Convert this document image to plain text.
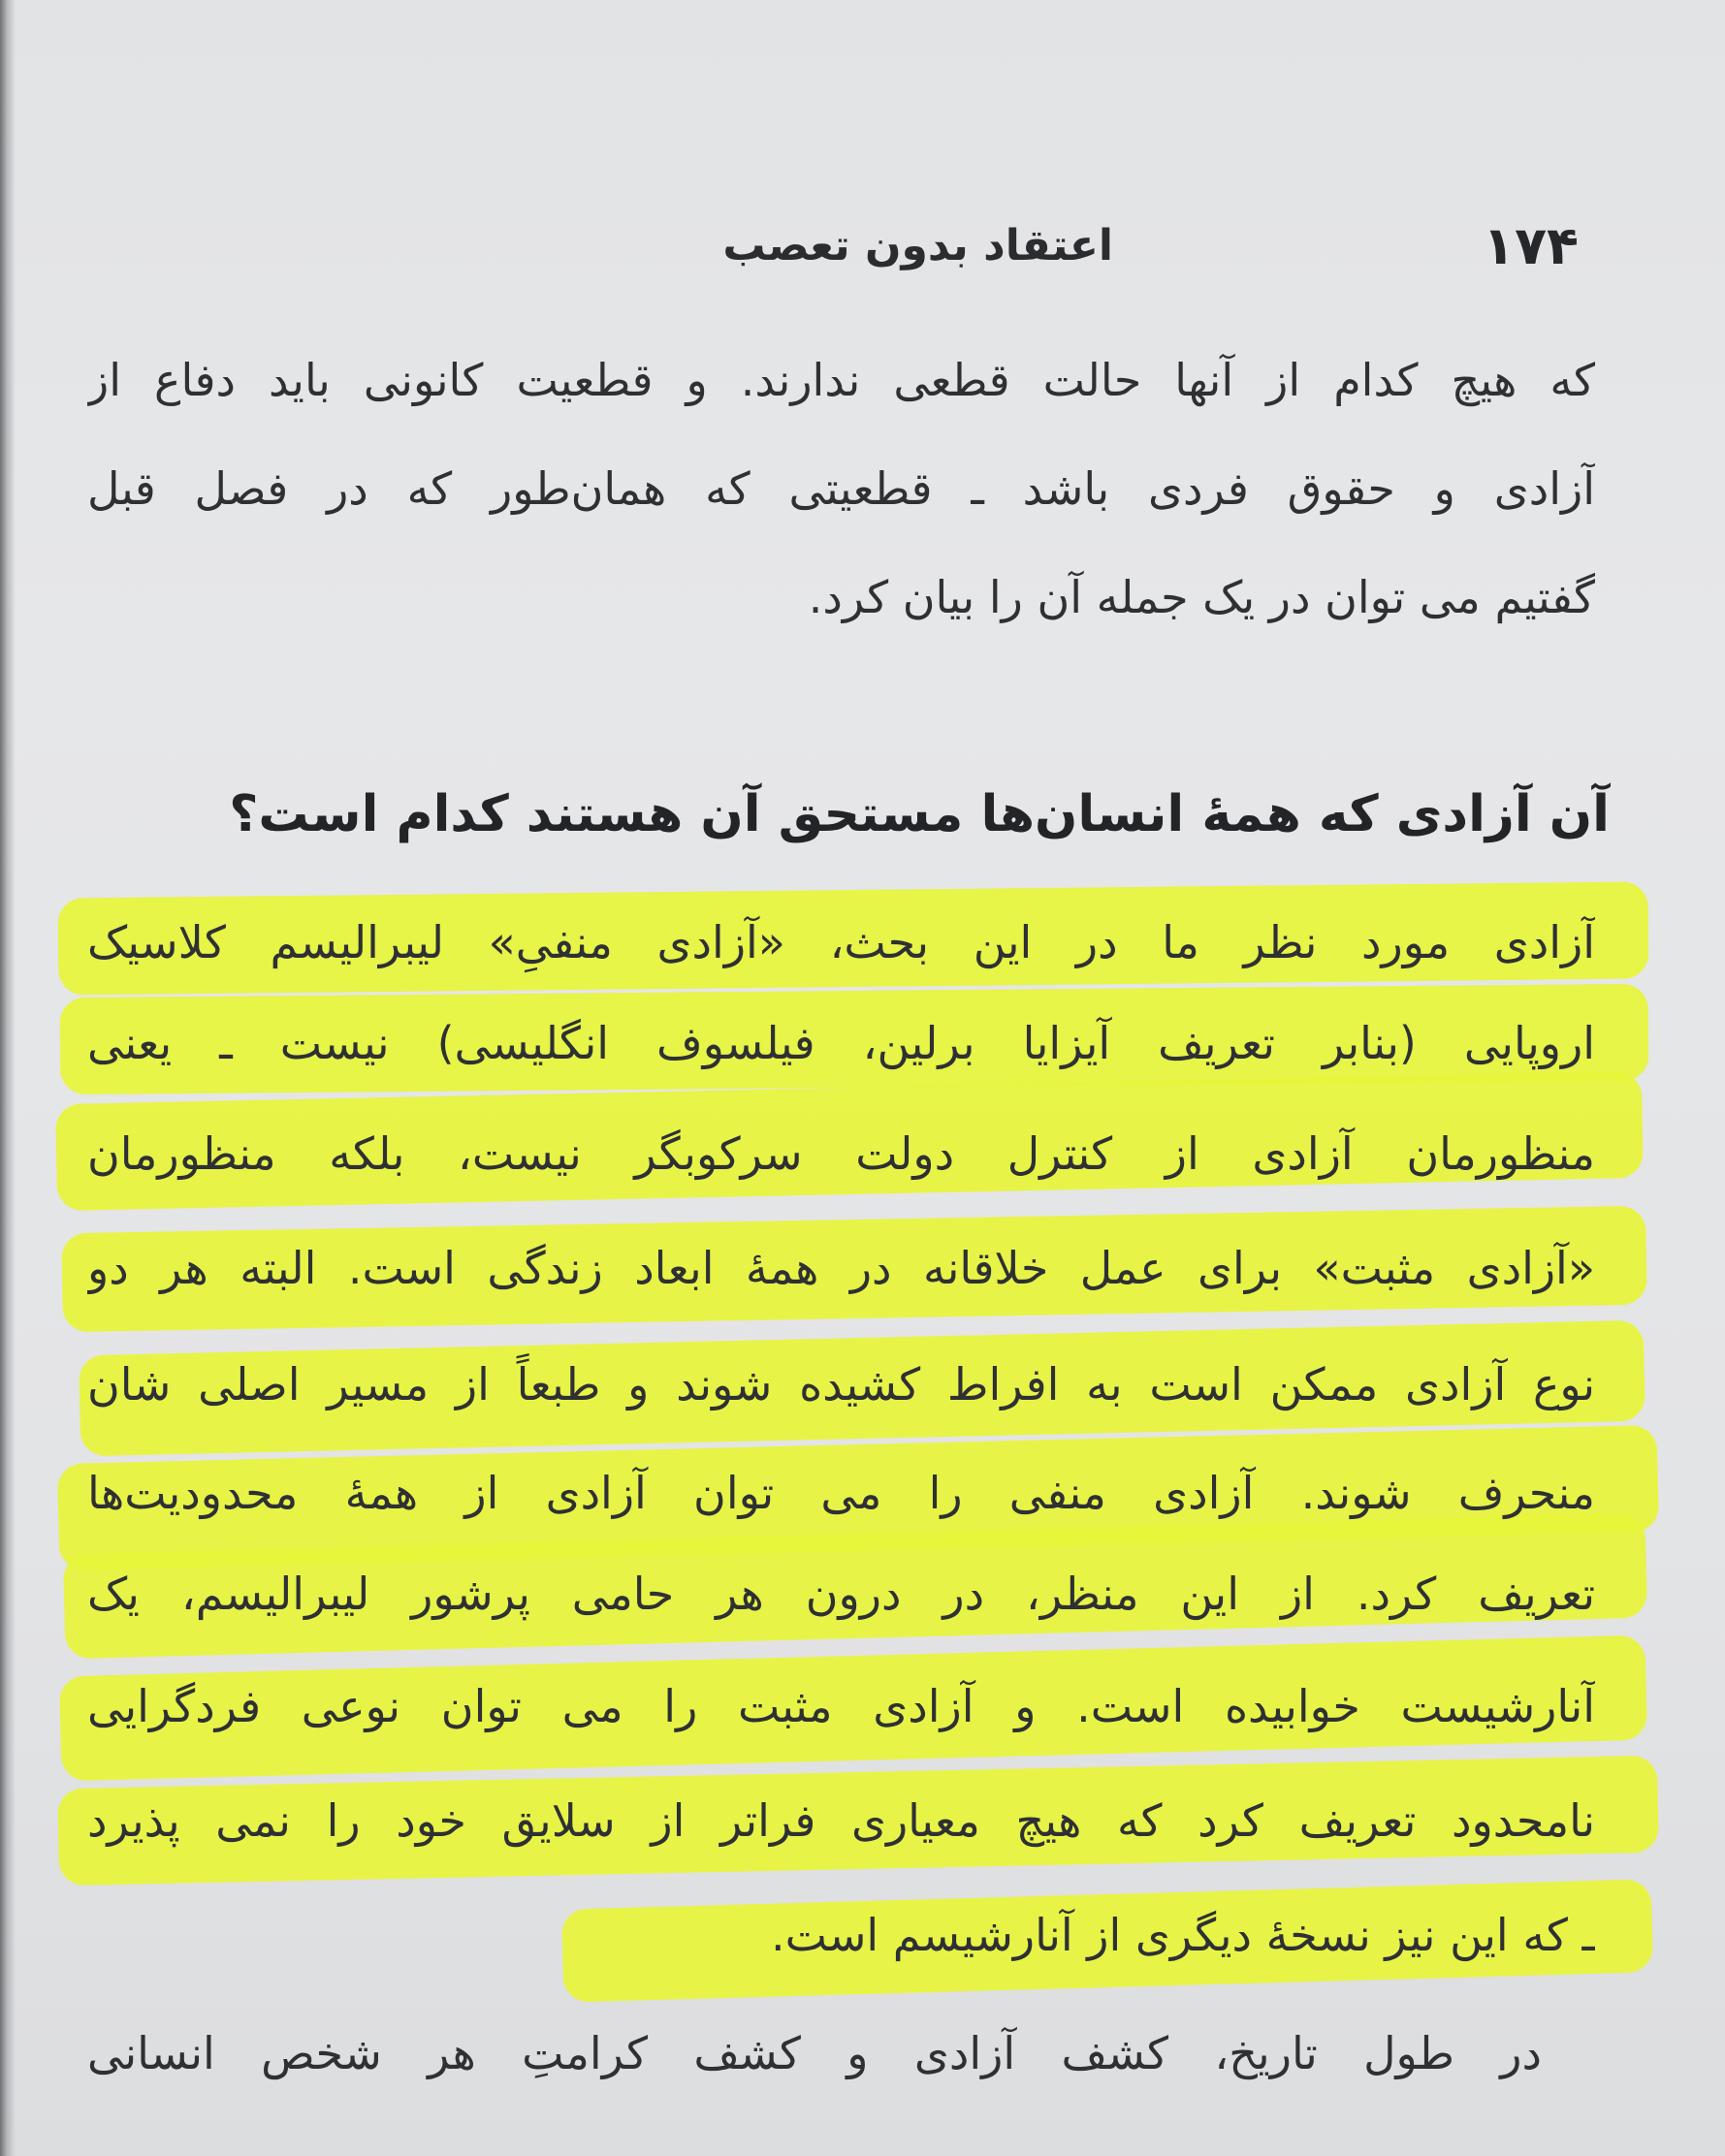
۱۷۴
اعتقاد بدون تعصب
که هیچ کدام از آنها حالت قطعی ندارند. و قطعیت کانونی باید دفاع از
آزادی و حقوق فردی باشد ـ قطعیتی که همان‌طور که در فصل قبل
گفتیم می توان در یک جمله آن را بیان کرد.
آن آزادی که همهٔ انسان‌ها مستحق آن هستند کدام است؟
آزادی مورد نظر ما در این بحث، «آزادی منفیِ» لیبرالیسم کلاسیک
اروپایی (بنابر تعریف آیزایا برلین، فیلسوف انگلیسی) نیست ـ یعنی
منظورمان آزادی از کنترل دولت سرکوبگر نیست، بلکه منظورمان
«آزادی مثبت» برای عمل خلاقانه در همهٔ ابعاد زندگی است. البته هر دو
نوع آزادی ممکن است به افراط کشیده شوند و طبعاً از مسیر اصلی شان
منحرف شوند. آزادی منفی را می توان آزادی از همهٔ محدودیت‌ها
تعریف کرد. از این منظر، در درون هر حامی پرشور لیبرالیسم، یک
آنارشیست خوابیده است. و آزادی مثبت را می توان نوعی فردگرایی
نامحدود تعریف کرد که هیچ معیاری فراتر از سلایق خود را نمی پذیرد
ـ که این نیز نسخهٔ دیگری از آنارشیسم است.
در طول تاریخ، کشف آزادی و کشف کرامتِ هر شخص انسانی
